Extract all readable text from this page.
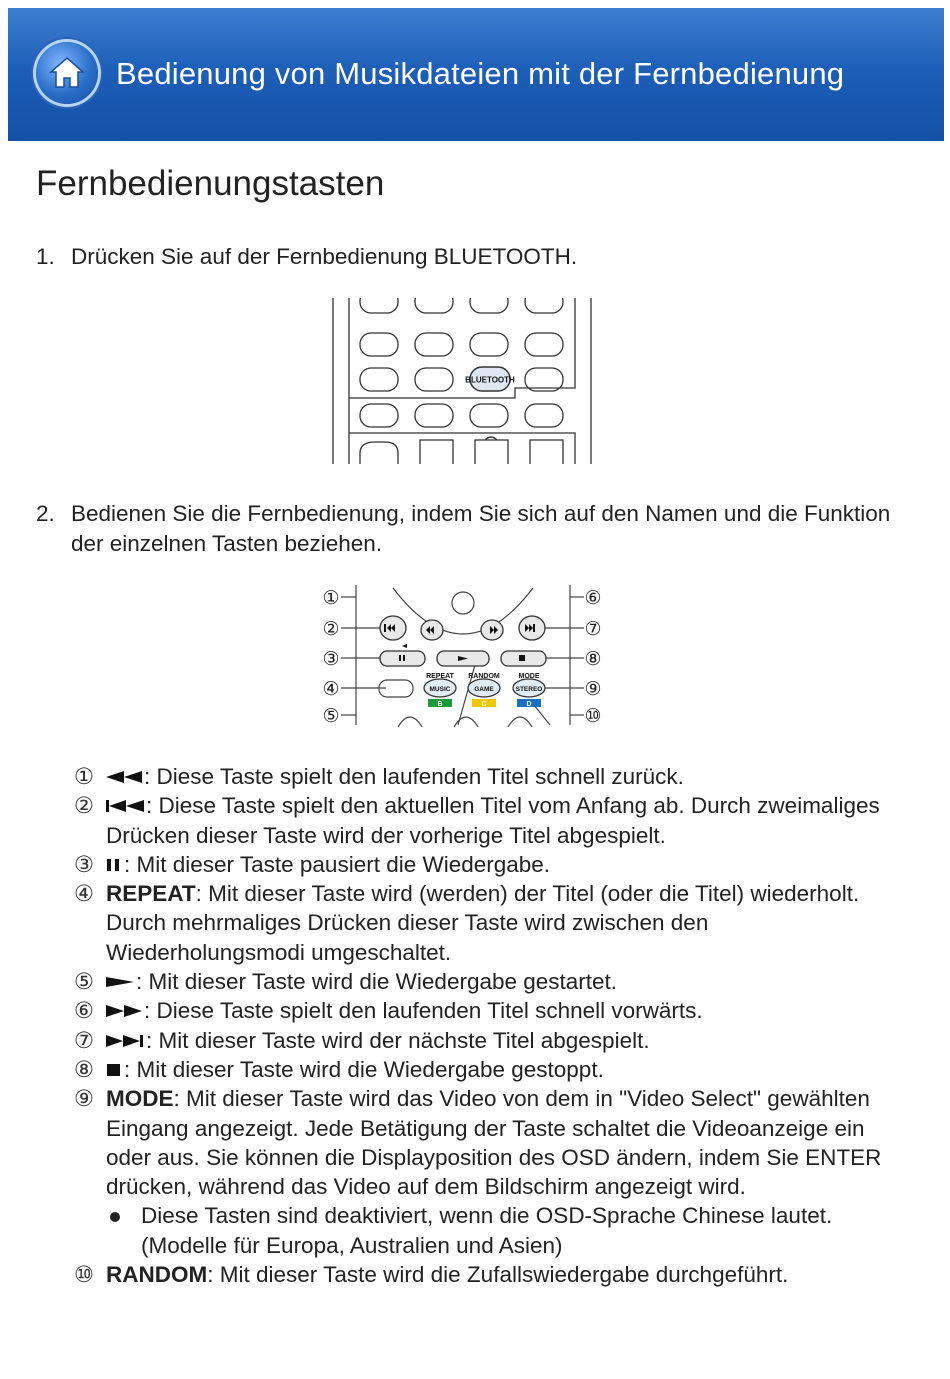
Bedienung von Musikdateien mit der Fernbedienung
Fernbedienungstasten
1. Drücken Sie auf der Fernbedienung BLUETOOTH.
BLUETOOTH
2. Bedienen Sie die Fernbedienung, indem Sie sich auf den Namen und die Funktion der einzelnen Tasten beziehen.
REPEAT RANDOM	MODE
MUSIC	GAME	STEREO
B	C	D
①
②
③
④
⑤
⑥
⑦
⑧
⑨
⑩
① : Diese Taste spielt den laufenden Titel schnell zurück.
② : Diese Taste spielt den aktuellen Titel vom Anfang ab. Durch zweimaliges Drücken dieser Taste wird der vorherige Titel abgespielt.
③ : Mit dieser Taste pausiert die Wiedergabe.
④ REPEAT: Mit dieser Taste wird (werden) der Titel (oder die Titel) wiederholt. Durch mehrmaliges Drücken dieser Taste wird zwischen den Wiederholungsmodi umgeschaltet.
⑤ : Mit dieser Taste wird die Wiedergabe gestartet.
⑥ : Diese Taste spielt den laufenden Titel schnell vorwärts.
⑦ : Mit dieser Taste wird der nächste Titel abgespielt.
⑧ : Mit dieser Taste wird die Wiedergabe gestoppt.
⑨ MODE: Mit dieser Taste wird das Video von dem in "Video Select" gewählten Eingang angezeigt. Jede Betätigung der Taste schaltet die Videoanzeige ein oder aus. Sie können die Displayposition des OSD ändern, indem Sie ENTER drücken, während das Video auf dem Bildschirm angezeigt wird.
Diese Tasten sind deaktiviert, wenn die OSD-Sprache Chinese lautet. (Modelle für Europa, Australien und Asien)
⑩ RANDOM: Mit dieser Taste wird die Zufallswiedergabe durchgeführt.
